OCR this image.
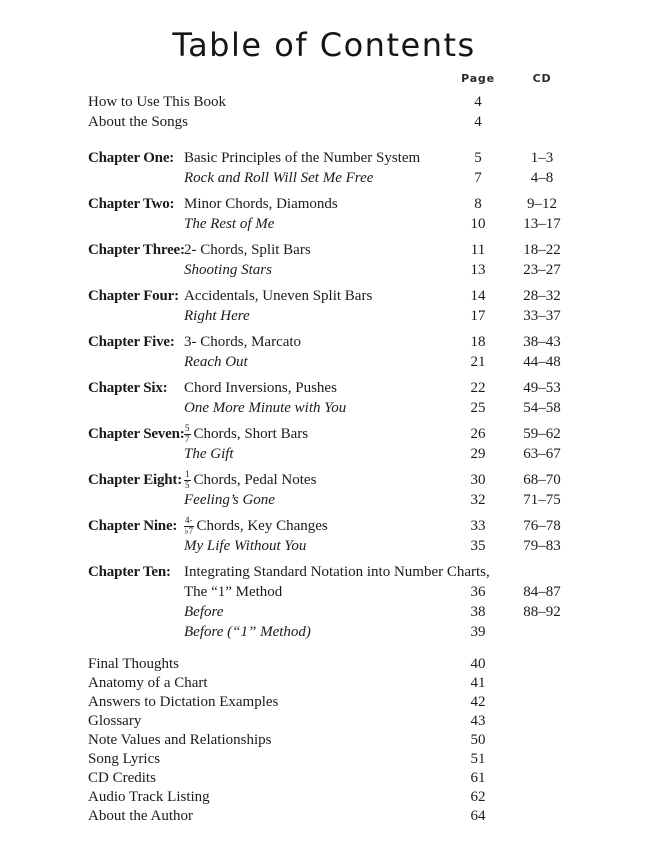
Table of Contents
Page	CD
How to Use This Book	4
About the Songs	4
Chapter One: Basic Principles of the Number System	5	1–3
Rock and Roll Will Set Me Free	7	4–8
Chapter Two: Minor Chords, Diamonds	8	9–12
The Rest of Me	10	13–17
Chapter Three: 2- Chords, Split Bars	11	18–22
Shooting Stars	13	23–27
Chapter Four: Accidentals, Uneven Split Bars	14	28–32
Right Here	17	33–37
Chapter Five: 3- Chords, Marcato	18	38–43
Reach Out	21	44–48
Chapter Six:	Chord Inversions, Pushes	22	49–53
One More Minute with You	25	54–58
Chapter Seven: $\frac{5}{7}$ Chords, Short Bars	26	59–62
The Gift	29	63–67
Chapter Eight: $\frac{1}{5}$ Chords, Pedal Notes	30	68–70
Feeling’s Gone	32	71–75
Chapter Nine: $\frac{4-}{♭7}$ Chords, Key Changes	33	76–78
My Life Without You	35	79–83
Chapter Ten: Integrating Standard Notation into Number Charts,
The “1” Method	36	84–87
Before	38	88–92
Before (“1” Method)	39
Final Thoughts	40
Anatomy of a Chart	41
Answers to Dictation Examples	42
Glossary	43
Note Values and Relationships	50
Song Lyrics	51
CD Credits	61
Audio Track Listing	62
About the Author	64
